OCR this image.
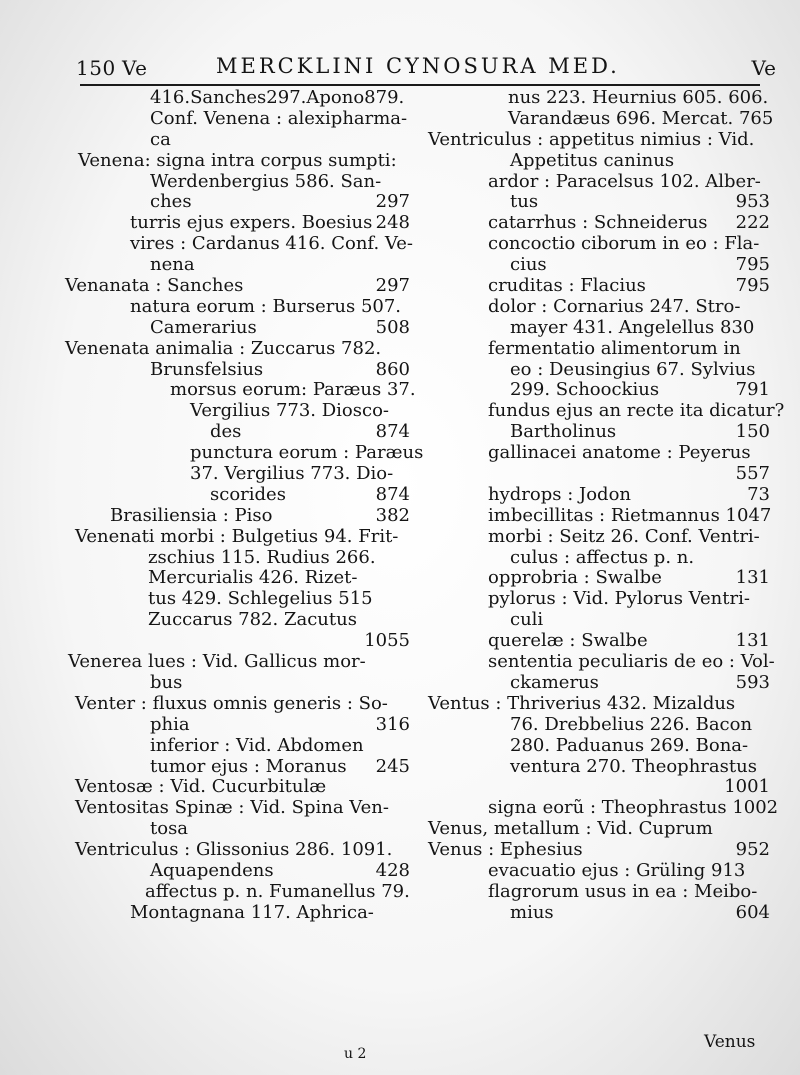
150 Ve	MERCKLINI CYNOSURA MED.	Ve
416.Sanches297.Apono879.
Conf. Venena : alexipharma-
ca
Venena: signa intra corpus sumpti:
Werdenbergius 586. San-
ches	297
turris ejus expers. Boesius 248
vires : Cardanus 416. Conf. Ve-
nena
Venanata : Sanches	297
natura eorum : Burserus 507.
Camerarius	508
Venenata animalia : Zuccarus 782.
Brunsfelsius	860
morsus eorum: Paræus 37.
Vergilius 773. Diosco-
des	874
punctura eorum : Paræus
37. Vergilius 773. Dio-
scorides	874
Brasiliensia : Piso	382
Venenati morbi : Bulgetius 94. Frit-
zschius 115. Rudius 266.
Mercurialis 426. Rizet-
tus 429. Schlegelius 515
Zuccarus 782. Zacutus
1055
Venerea lues : Vid. Gallicus mor-
bus
Venter : fluxus omnis generis : So-
phia	316
inferior : Vid. Abdomen
tumor ejus : Moranus 245
Ventosæ : Vid. Cucurbitulæ
Ventositas Spinæ : Vid. Spina Ven-
tosa
Ventriculus : Glissonius 286. 1091.
Aquapendens	428
affectus p. n. Fumanellus 79.
Montagnana 117. Aphrica-
nus 223. Heurnius 605. 606.
Varandæus 696. Mercat. 765
Ventriculus : appetitus nimius : Vid.
Appetitus caninus
ardor : Paracelsus 102. Alber-
tus	953
catarrhus : Schneiderus 222
concoctio ciborum in eo : Fla-
cius	795
cruditas : Flacius	795
dolor : Cornarius 247. Stro-
mayer 431. Angelellus 830
fermentatio alimentorum in
eo : Deusingius 67. Sylvius
299. Schoockius	791
fundus ejus an recte ita dicatur?
Bartholinus	150
gallinacei anatome : Peyerus
557
hydrops : Jodon	73
imbecillitas : Rietmannus 1047
morbi : Seitz 26. Conf. Ventri-
culus : affectus p. n.
opprobria : Swalbe	131
pylorus : Vid. Pylorus Ventri-
culi
querelæ : Swalbe	131
sententia peculiaris de eo : Vol-
ckamerus	593
Ventus : Thriverius 432. Mizaldus
76. Drebbelius 226. Bacon
280. Paduanus 269. Bona-
ventura 270. Theophrastus
1001
signa eorũ : Theophrastus 1002
Venus, metallum : Vid. Cuprum
Venus : Ephesius	952
evacuatio ejus : Grüling 913
flagrorum usus in ea : Meibo-
mius	604
u 2
Venus
